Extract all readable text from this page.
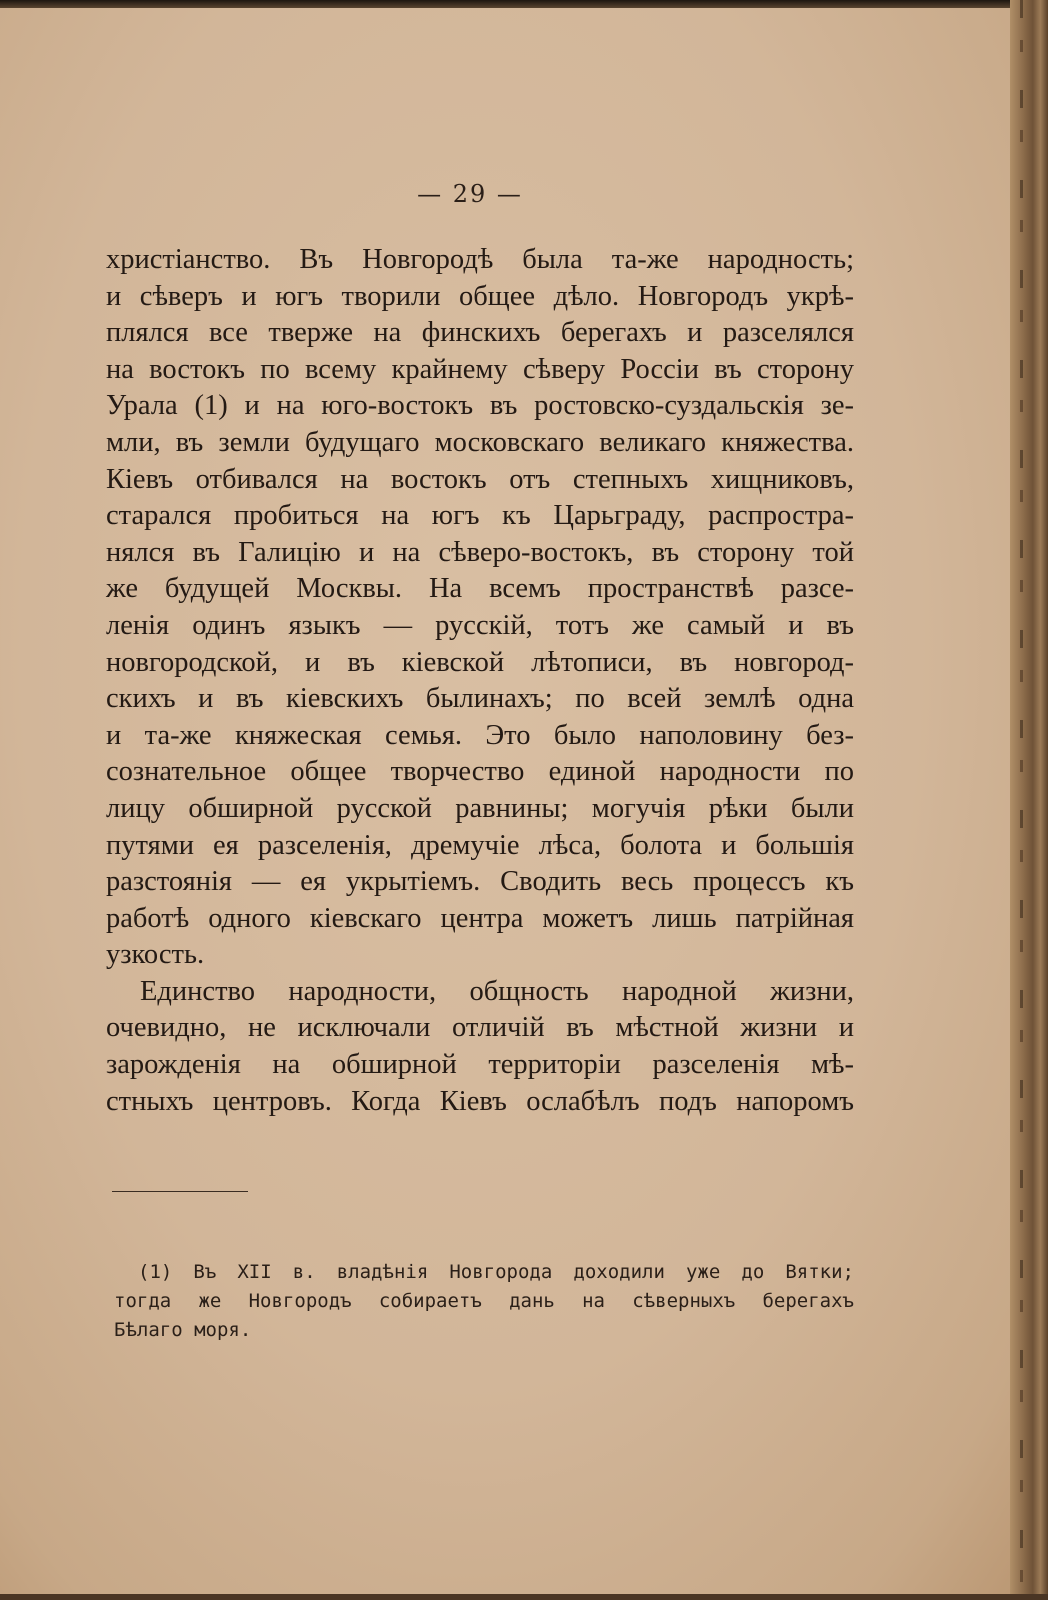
— 29 —
христіанство. Въ Новгородѣ была та-же народность;
и сѣверъ и югъ творили общее дѣло. Новгородъ укрѣ-
плялся все тверже на финскихъ берегахъ и разселялся
на востокъ по всему крайнему сѣверу Россіи въ сторону
Урала (1) и на юго-востокъ въ ростовско-суздальскія зе-
мли, въ земли будущаго московскаго великаго княжества.
Кіевъ отбивался на востокъ отъ степныхъ хищниковъ,
старался пробиться на югъ къ Царьграду, распростра-
нялся въ Галицію и на сѣверо-востокъ, въ сторону той
же будущей Москвы. На всемъ пространствѣ разсе-
ленія одинъ языкъ — русскій, тотъ же самый и въ
новгородской, и въ кіевской лѣтописи, въ новгород-
скихъ и въ кіевскихъ былинахъ; по всей землѣ одна
и та-же княжеская семья. Это было наполовину без-
сознательное общее творчество единой народности по
лицу обширной русской равнины; могучія рѣки были
путями ея разселенія, дремучіе лѣса, болота и большія
разстоянія — ея укрытіемъ. Сводить весь процессъ къ
работѣ одного кіевскаго центра можетъ лишь патрійная
узкость.
Единство народности, общность народной жизни,
очевидно, не исключали отличій въ мѣстной жизни и
зарожденія на обширной территоріи разселенія мѣ-
стныхъ центровъ. Когда Кіевъ ослабѣлъ подъ напоромъ
(1) Въ XII в. владѣнія Новгорода доходили уже до Вятки;
тогда же Новгородъ собираетъ дань на сѣверныхъ берегахъ
Бѣлаго моря.
